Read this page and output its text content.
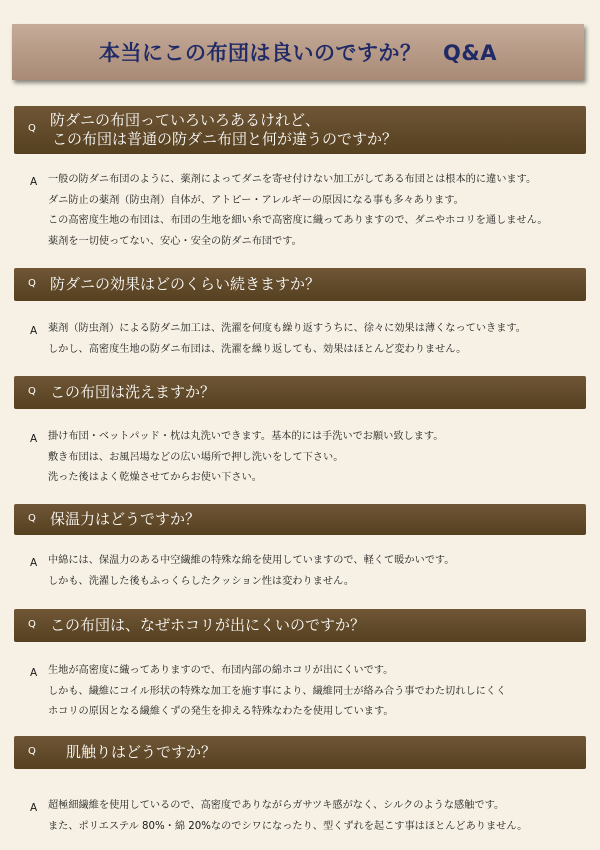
本当にこの布団は良いのですか？　Q&A
Q 防ダニの布団っていろいろあるけれど、
この布団は普通の防ダニ布団と何が違うのですか？
A 一般の防ダニ布団のように、薬剤によってダニを寄せ付けない加工がしてある布団とは根本的に違います。
ダニ防止の薬剤（防虫剤）自体が、アトピー・アレルギーの原因になる事も多々あります。
この高密度生地の布団は、布団の生地を細い糸で高密度に織ってありますので、ダニやホコリを通しません。
薬剤を一切使ってない、安心・安全の防ダニ布団です。
Q 防ダニの効果はどのくらい続きますか？
A 薬剤（防虫剤）による防ダニ加工は、洗濯を何度も繰り返すうちに、徐々に効果は薄くなっていきます。
しかし、高密度生地の防ダニ布団は、洗濯を繰り返しても、効果はほとんど変わりません。
Q この布団は洗えますか？
A 掛け布団・ベットパッド・枕は丸洗いできます。基本的には手洗いでお願い致します。
敷き布団は、お風呂場などの広い場所で押し洗いをして下さい。
洗った後はよく乾燥させてからお使い下さい。
Q 保温力はどうですか？
A 中綿には、保温力のある中空繊維の特殊な綿を使用していますので、軽くて暖かいです。
しかも、洗濯した後もふっくらしたクッション性は変わりません。
Q この布団は、なぜホコリが出にくいのですか？
A 生地が高密度に織ってありますので、布団内部の綿ホコリが出にくいです。
しかも、繊維にコイル形状の特殊な加工を施す事により、繊維同士が絡み合う事でわた切れしにくく
ホコリの原因となる繊維くずの発生を抑える特殊なわたを使用しています。
Q 肌触りはどうですか？
A 超極細繊維を使用しているので、高密度でありながらガサツキ感がなく、シルクのような感触です。
また、ポリエステル 80%・綿 20%なのでシワになったり、型くずれを起こす事はほとんどありません。
